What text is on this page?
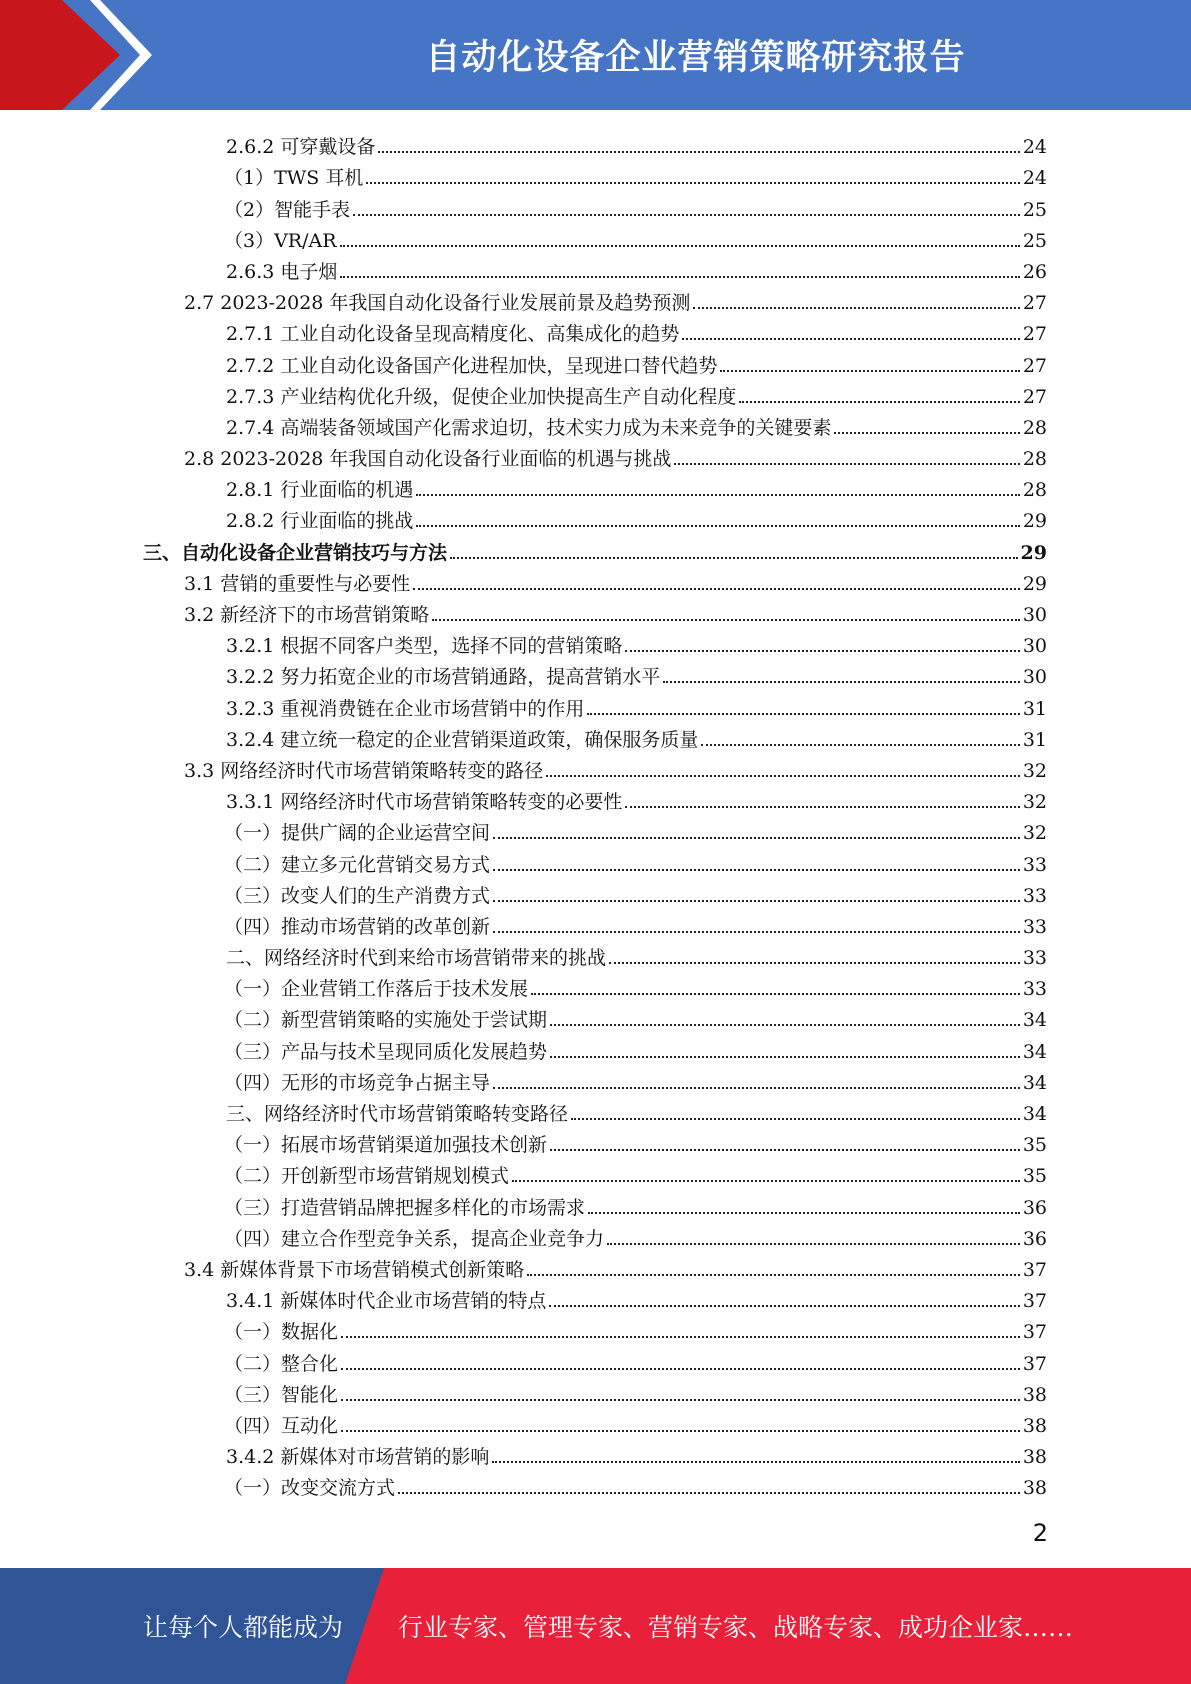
自动化设备企业营销策略研究报告
2.6.2 可穿戴设备	24
（1）TWS 耳机	24
（2）智能手表	25
（3）VR/AR	25
2.6.3 电子烟	26
2.7 2023-2028 年我国自动化设备行业发展前景及趋势预测	27
2.7.1 工业自动化设备呈现高精度化、高集成化的趋势	27
2.7.2 工业自动化设备国产化进程加快，呈现进口替代趋势	27
2.7.3 产业结构优化升级，促使企业加快提高生产自动化程度	27
2.7.4 高端装备领域国产化需求迫切，技术实力成为未来竞争的关键要素	28
2.8 2023-2028 年我国自动化设备行业面临的机遇与挑战	28
2.8.1 行业面临的机遇	28
2.8.2 行业面临的挑战	29
三、自动化设备企业营销技巧与方法	29
3.1 营销的重要性与必要性	29
3.2 新经济下的市场营销策略	30
3.2.1 根据不同客户类型，选择不同的营销策略	30
3.2.2 努力拓宽企业的市场营销通路，提高营销水平	30
3.2.3 重视消费链在企业市场营销中的作用	31
3.2.4 建立统一稳定的企业营销渠道政策，确保服务质量	31
3.3 网络经济时代市场营销策略转变的路径	32
3.3.1 网络经济时代市场营销策略转变的必要性	32
（一）提供广阔的企业运营空间	32
（二）建立多元化营销交易方式	33
（三）改变人们的生产消费方式	33
（四）推动市场营销的改革创新	33
二、网络经济时代到来给市场营销带来的挑战	33
（一）企业营销工作落后于技术发展	33
（二）新型营销策略的实施处于尝试期	34
（三）产品与技术呈现同质化发展趋势	34
（四）无形的市场竞争占据主导	34
三、网络经济时代市场营销策略转变路径	34
（一）拓展市场营销渠道加强技术创新	35
（二）开创新型市场营销规划模式	35
（三）打造营销品牌把握多样化的市场需求	36
（四）建立合作型竞争关系，提高企业竞争力	36
3.4 新媒体背景下市场营销模式创新策略	37
3.4.1 新媒体时代企业市场营销的特点	37
（一）数据化	37
（二）整合化	37
（三）智能化	38
（四）互动化	38
3.4.2 新媒体对市场营销的影响	38
（一）改变交流方式	38
2
让每个人都能成为 行业专家、管理专家、营销专家、战略专家、成功企业家……
